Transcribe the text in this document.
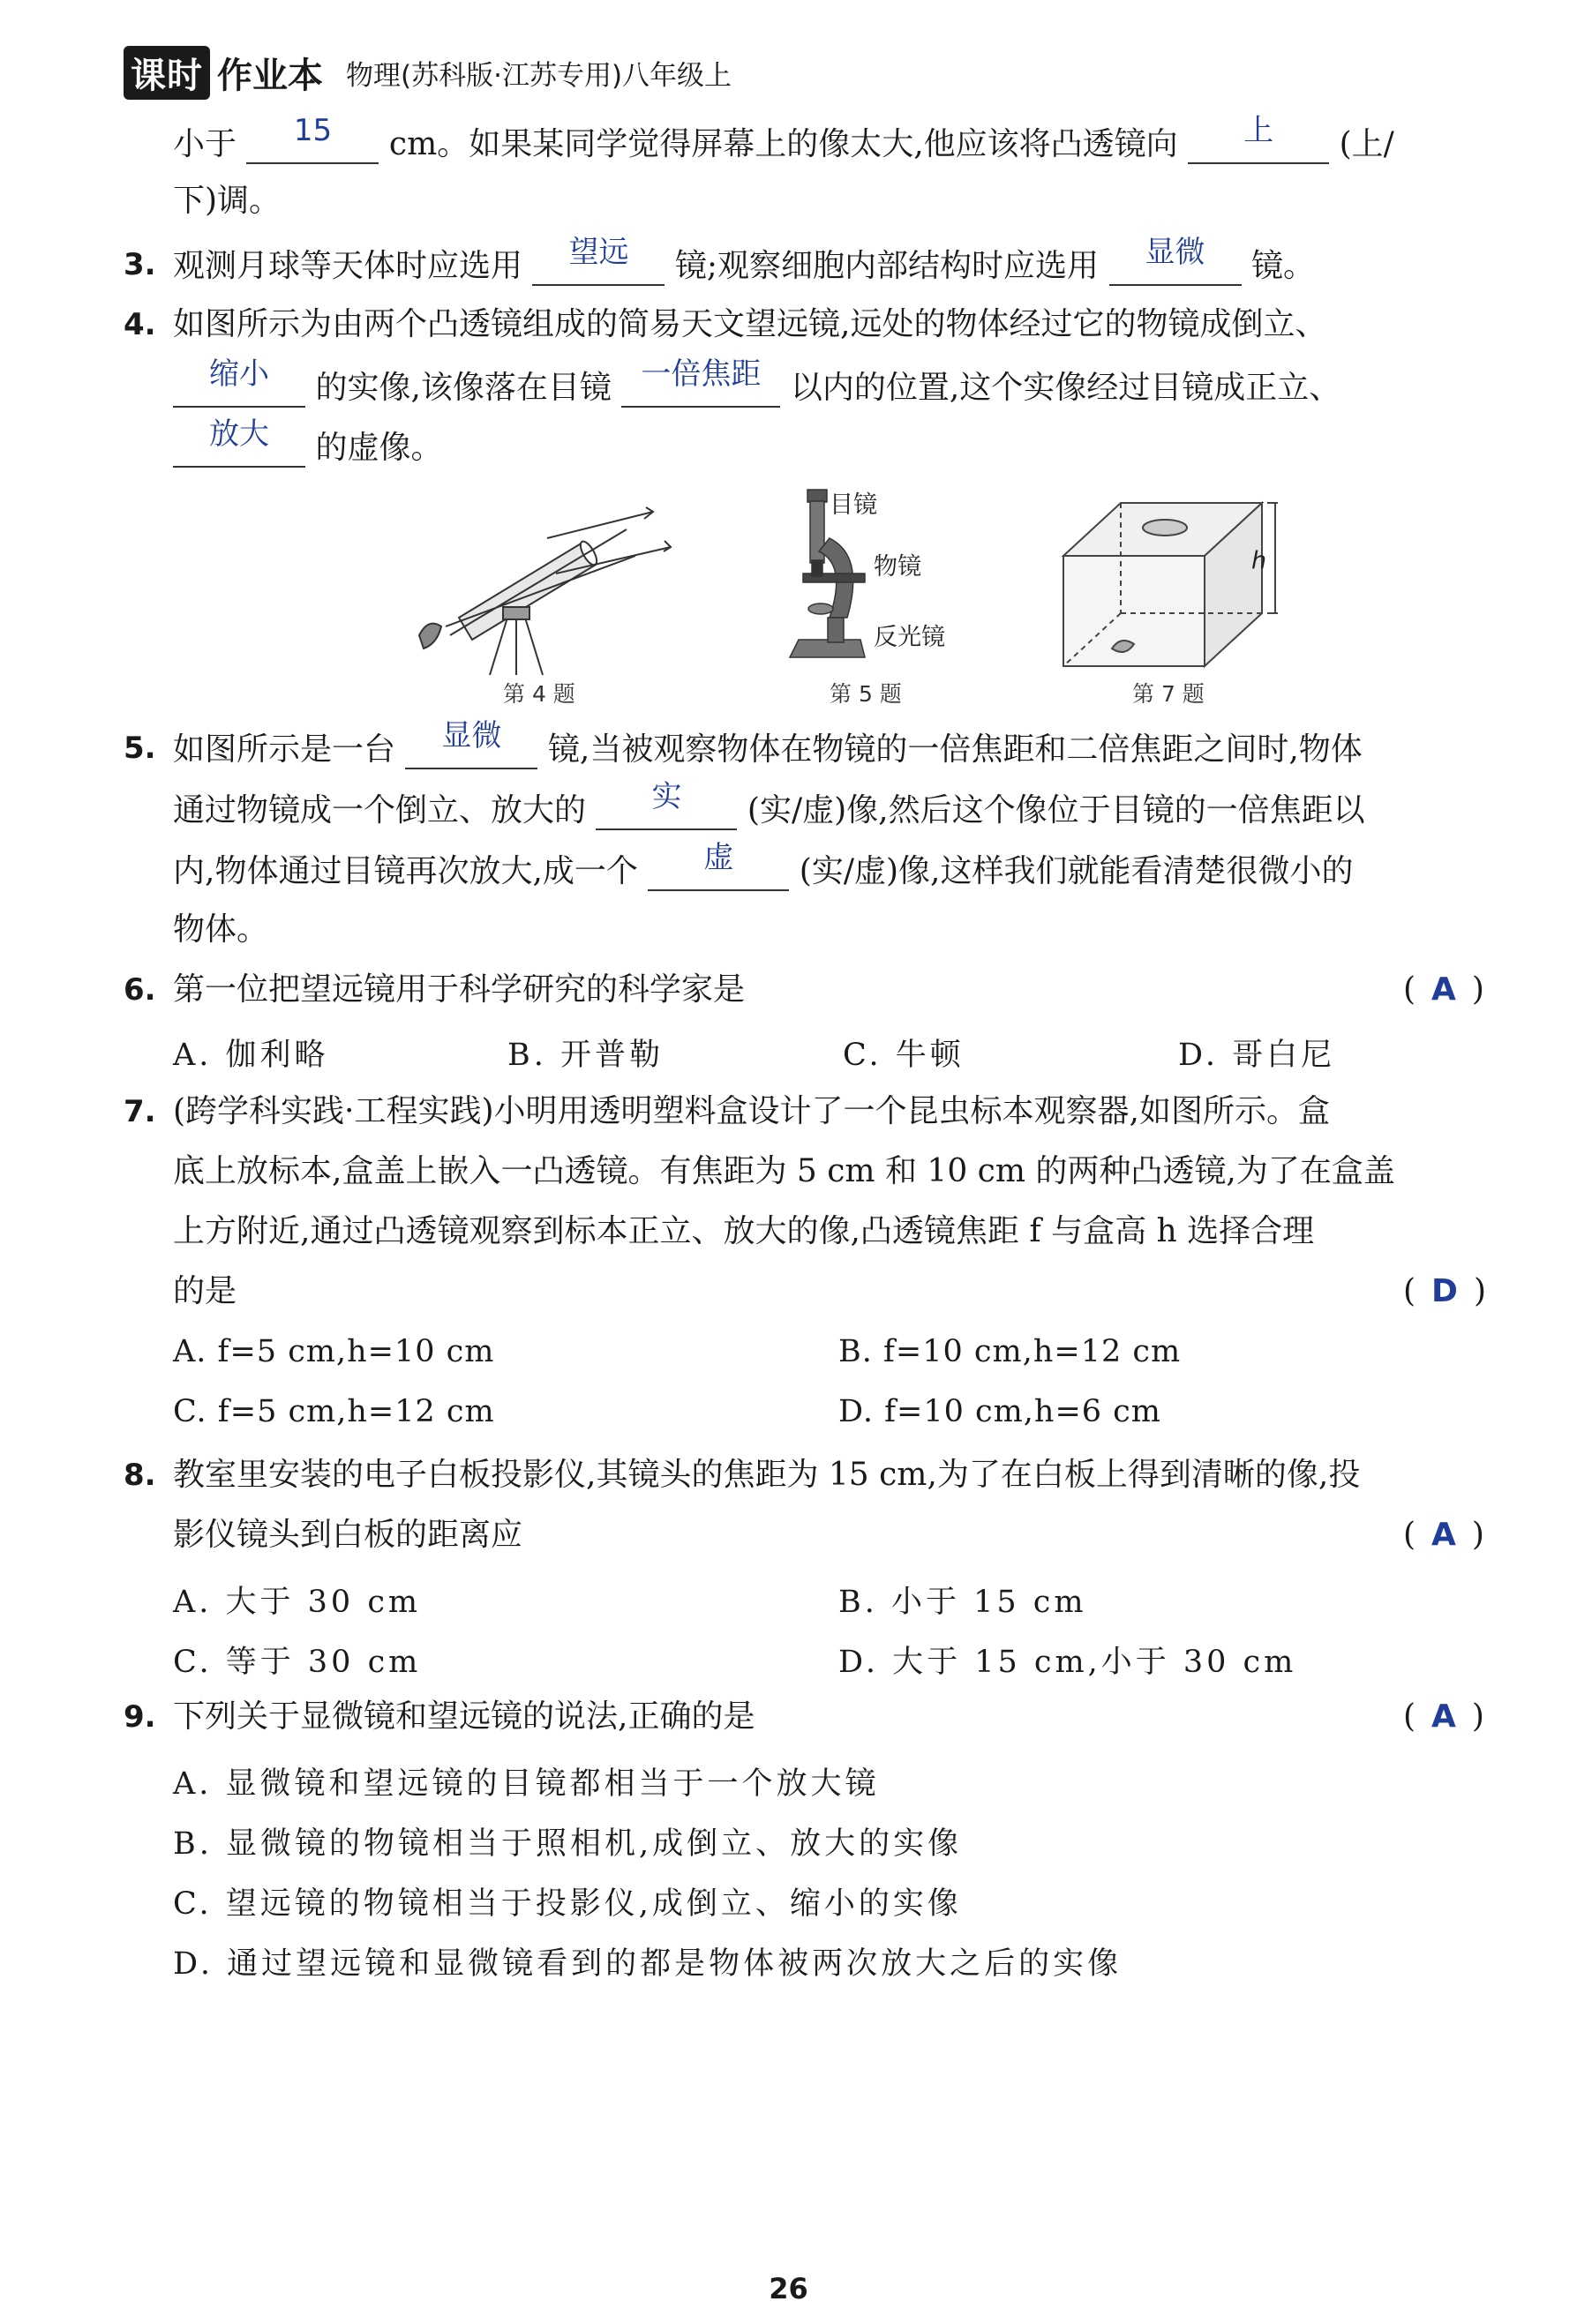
课时 作业本 物理(苏科版·江苏专用)八年级上
小于	15	cm。如果某同学觉得屏幕上的像太大,他应该将凸透镜向	上	(上/
下)调。
3. 观测月球等天体时应选用	望远	镜;观察细胞内部结构时应选用	显微	镜。
4. 如图所示为由两个凸透镜组成的简易天文望远镜,远处的物体经过它的物镜成倒立、
缩小	的实像,该像落在目镜 一倍焦距 以内的位置,这个实像经过目镜成正立、
放大	的虚像。
第 4 题
目镜
物镜
反光镜
第 5 题
h
第 7 题
5. 如图所示是一台	显微	镜,当被观察物体在物镜的一倍焦距和二倍焦距之间时,物体
通过物镜成一个倒立、放大的	实	(实/虚)像,然后这个像位于目镜的一倍焦距以
内,物体通过目镜再次放大,成一个	虚	(实/虚)像,这样我们就能看清楚很微小的
物体。
6. 第一位把望远镜用于科学研究的科学家是	( A )
A. 伽利略	B. 开普勒	C. 牛顿	D. 哥白尼
7. (跨学科实践·工程实践)小明用透明塑料盒设计了一个昆虫标本观察器,如图所示。盒
底上放标本,盒盖上嵌入一凸透镜。有焦距为 5 cm 和 10 cm 的两种凸透镜,为了在盒盖
上方附近,通过凸透镜观察到标本正立、放大的像,凸透镜焦距 f 与盒高 h 选择合理
的是	( D )
A. f=5 cm,h=10 cm	B. f=10 cm,h=12 cm
C. f=5 cm,h=12 cm	D. f=10 cm,h=6 cm
8. 教室里安装的电子白板投影仪,其镜头的焦距为 15 cm,为了在白板上得到清晰的像,投
影仪镜头到白板的距离应	( A )
A. 大于 30 cm	B. 小于 15 cm
C. 等于 30 cm	D. 大于 15 cm,小于 30 cm
9. 下列关于显微镜和望远镜的说法,正确的是	( A )
A. 显微镜和望远镜的目镜都相当于一个放大镜
B. 显微镜的物镜相当于照相机,成倒立、放大的实像
C. 望远镜的物镜相当于投影仪,成倒立、缩小的实像
D. 通过望远镜和显微镜看到的都是物体被两次放大之后的实像
26
